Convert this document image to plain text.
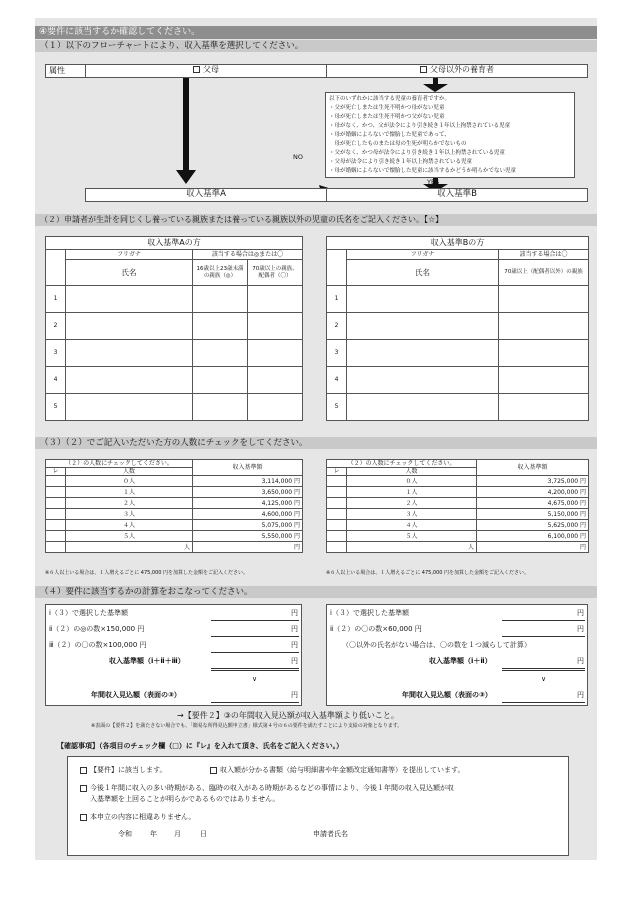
④要件に該当するか確認してください。
（１）以下のフローチャートにより、収入基準を選択してください。
属性	父母	父母以外の養育者
以下のいずれかに該当する児童の養育者ですか。
・父が死亡しまたは生死不明かつ母がない児童
・母が死亡しまたは生死不明かつ父がない児童
・母がなく、かつ、父が法令により引き続き１年以上拘禁されている児童
・母が婚姻によらないで懐胎した児童であって、
　母が死亡したものまたは母の生死が明らかでないもの
・父がなく、かつ母が法令により引き続き１年以上拘禁されている児童
・父母が法令により引き続き１年以上拘禁されている児童
・母が婚姻によらないで懐胎した児童に該当するかどうか明らかでない児童
NO
YES
収入基準A	収入基準B
（２）申請者が生計を同じくし養っている親族または養っている親族以外の児童の氏名をご記入ください。【☆】
収入基準Aの方			
	フリガナ	該当する場合は◎または〇	
	氏名	16歳以上23歳未満の親族（◎）	70歳以上の親族、配偶者（〇）

1			
2			
3			
4			
5			
収入基準Bの方		
	フリガナ	該当する場合は〇
	氏名	70歳以上（配偶者以外）の親族

1		
2		
3		
4		
5		
（３）（２）でご記入いただいた方の人数にチェックをしてください。
（２）の人数にチェックしてください。		収入基準額
レ	人数	
	０人	3,114,000 円
	１人	3,650,000 円
	２人	4,125,000 円
	３人	4,600,000 円
	４人	5,075,000 円
	５人	5,550,000 円
	人	円
※６人以上いる場合は、１人増えるごとに 475,000 円を加算した金額をご記入ください。
（２）の人数にチェックしてください。		収入基準額
レ	人数	
	０人	3,725,000 円
	１人	4,200,000 円
	２人	4,675,000 円
	３人	5,150,000 円
	４人	5,625,000 円
	５人	6,100,000 円
	人	円
※６人以上いる場合は、１人増えるごとに 475,000 円を加算した金額をご記入ください。
（４）要件に該当するかの計算をおこなってください。
ⅰ（３）で選択した基準額	円
ⅱ（２）の◎の数×150,000 円	円
ⅲ（２）の〇の数×100,000 円	円
収入基準額（ⅰ＋ⅱ＋ⅲ）	円
∨
年間収入見込額（表面の③）	円
ⅰ（３）で選択した基準額	円
ⅱ（２）の〇の数×60,000 円	円
（〇以外の氏名がない場合は、〇の数を１つ減らして計算）
収入基準額（ⅰ＋ⅱ）	円
∨
年間収入見込額（表面の③）	円
→【要件２】③の年間収入見込額が収入基準額より低いこと。
※表面の【要件２】を満たさない場合でも、「簡易な所得見込額申立書」様式第４号の６の要件を満たすことにより支給の対象となります。
【確認事項】（各項目のチェック欄（□）に『レ』を入れて頂き、氏名をご記入ください。）
【要件】に該当します。	収入額が分かる書類（給与明細書や年金額改定通知書等）を提出しています。
今後１年間に収入の多い時期がある、臨時の収入がある時期があるなどの事情により、今後１年間の収入見込額が収
入基準額を上回ることが明らかであるものではありません。
本申立の内容に相違ありません。
令和	年 月	日	申請者氏名
